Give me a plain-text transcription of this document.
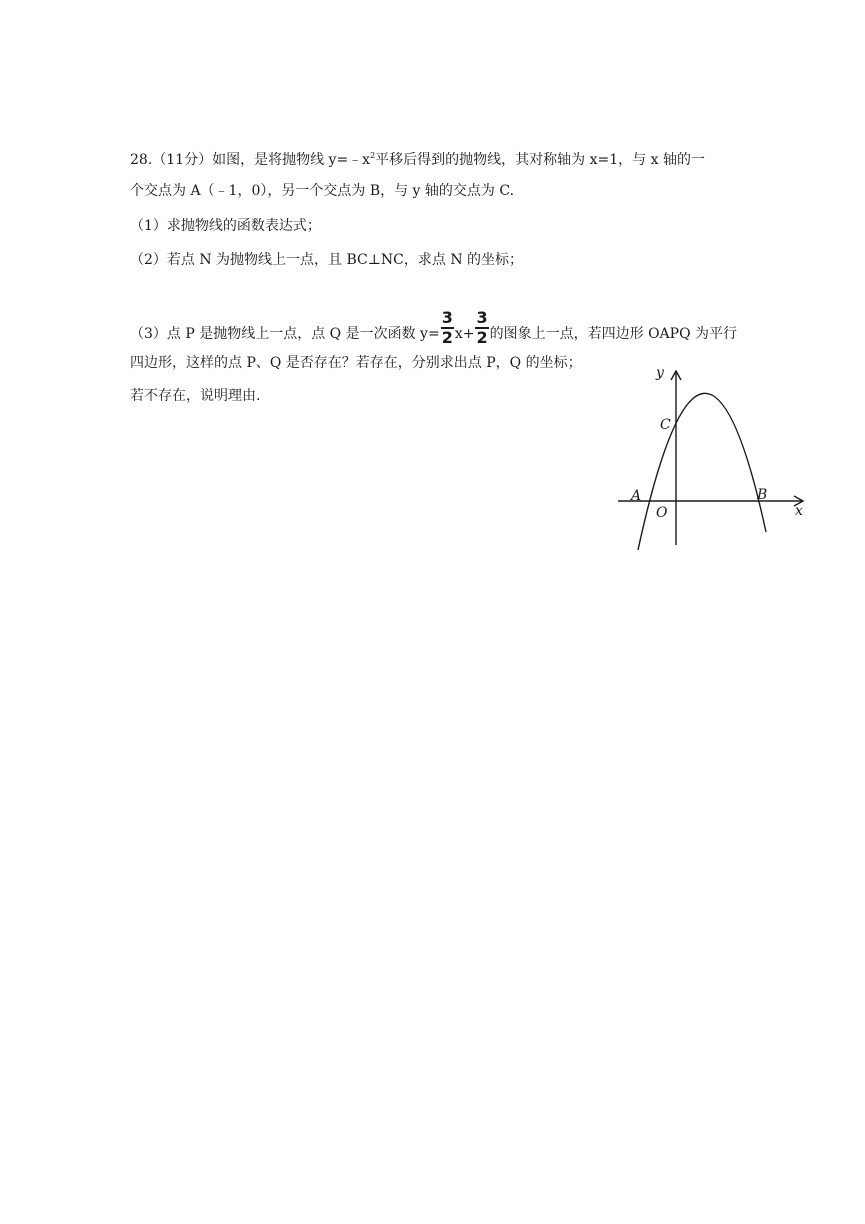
28.（11分）如图，是将抛物线 $y=﹣x^2$平移后得到的抛物线，其对称轴为 x=1，与 x 轴的一
个交点为 A（﹣1，0），另一个交点为 B，与 y 轴的交点为 C.
（1）求抛物线的函数表达式；
（2）若点 N 为抛物线上一点，且 BC⊥NC，求点 N 的坐标；
（3）点 P 是抛物线上一点，点 Q 是一次函数 $y= \frac{3}{2} x+ \frac{3}{2}$ 的图象上一点，若四边形 OAPQ 为平行
四边形，这样的点 P、Q 是否存在？若存在，分别求出点 P，Q 的坐标；
若不存在，说明理由.
y
x
C
A	B
O
